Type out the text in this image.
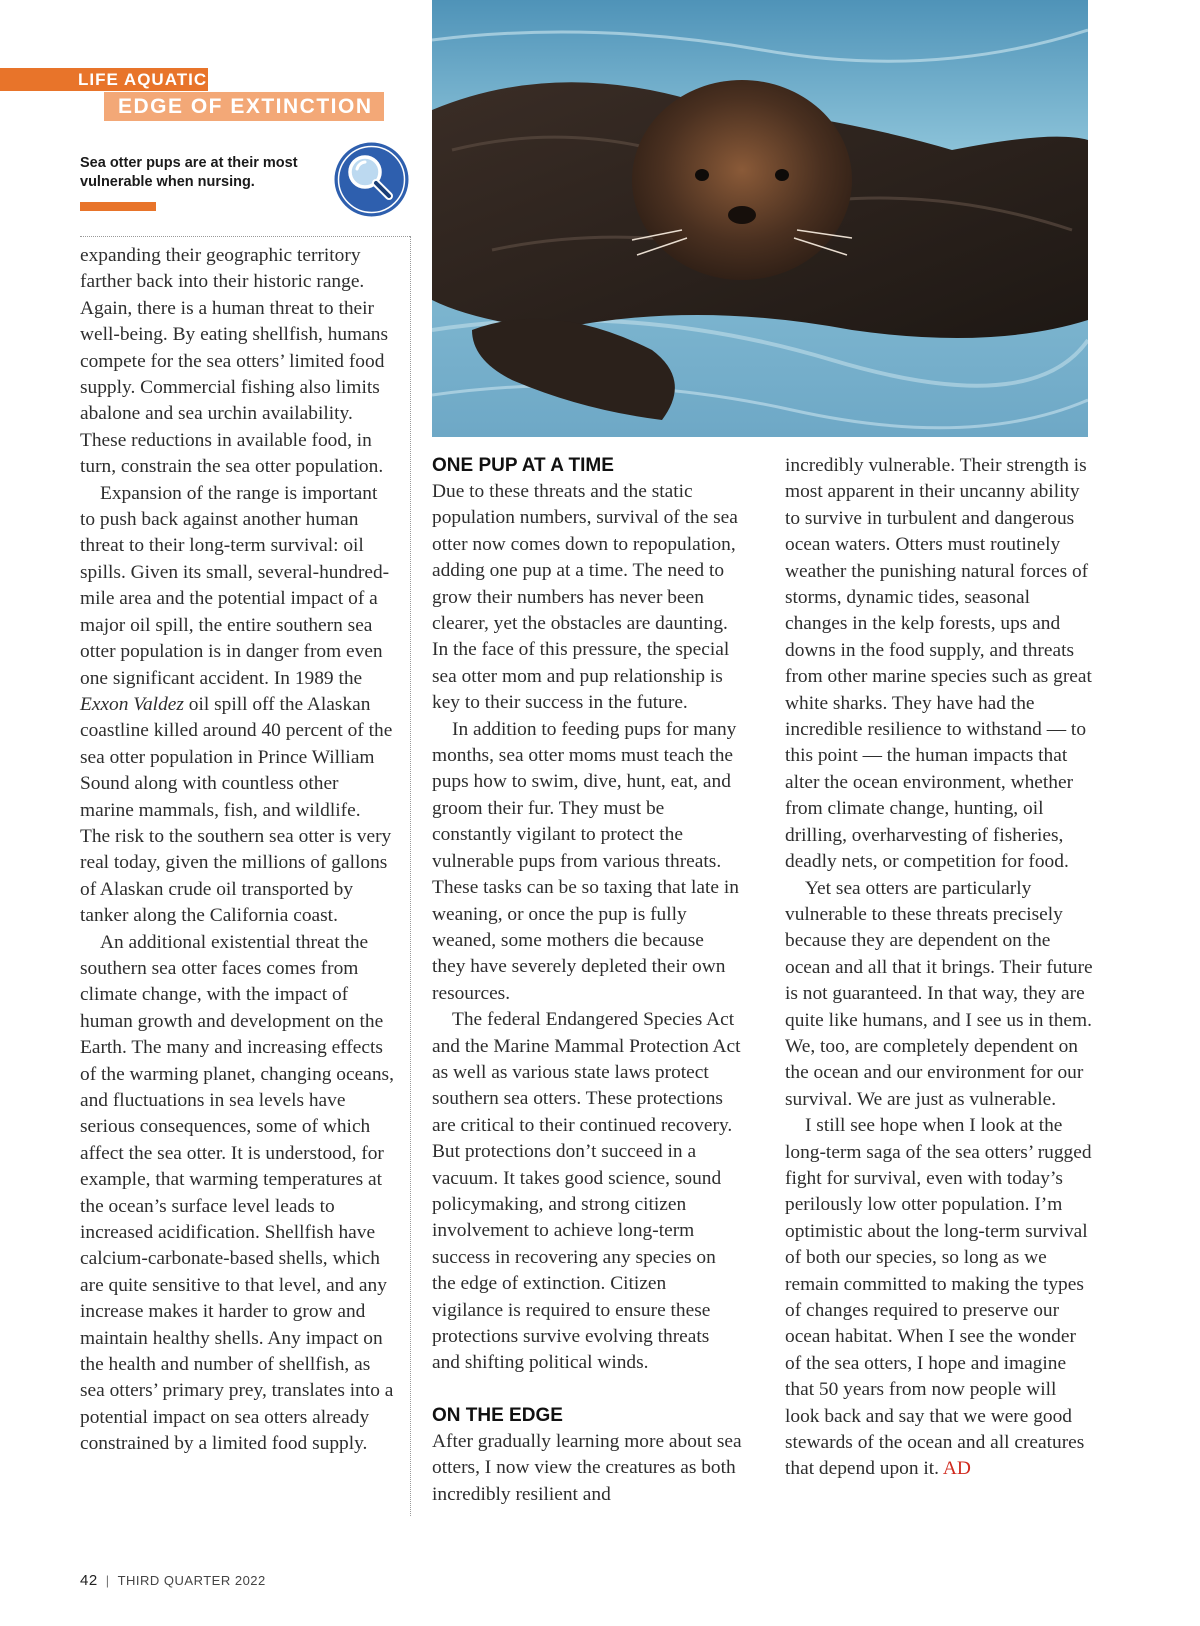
LIFE AQUATIC
EDGE OF EXTINCTION
Sea otter pups are at their most vulnerable when nursing.

expanding their geographic territory farther back into their historic range. Again, there is a human threat to their well-being. By eating shellfish, humans compete for the sea otters’ limited food supply. Commercial fishing also limits abalone and sea urchin availability. These reductions in available food, in turn, constrain the sea otter population.

Expansion of the range is important to push back against another human threat to their long-term survival: oil spills. Given its small, several-hundred-mile area and the potential impact of a major oil spill, the entire southern sea otter population is in danger from even one significant accident. In 1989 the Exxon Valdez oil spill off the Alaskan coastline killed around 40 percent of the sea otter population in Prince William Sound along with countless other marine mammals, fish, and wildlife. The risk to the southern sea otter is very real today, given the millions of gallons of Alaskan crude oil transported by tanker along the California coast.

An additional existential threat the southern sea otter faces comes from climate change, with the impact of human growth and development on the Earth. The many and increasing effects of the warming planet, changing oceans, and fluctuations in sea levels have serious consequences, some of which affect the sea otter. It is understood, for example, that warming temperatures at the ocean’s surface level leads to increased acidification. Shellfish have calcium-carbonate-based shells, which are quite sensitive to that level, and any increase makes it harder to grow and maintain healthy shells. Any impact on the health and number of shellfish, as sea otters’ primary prey, translates into a potential impact on sea otters already constrained by a limited food supply.

ONE PUP AT A TIME

Due to these threats and the static population numbers, survival of the sea otter now comes down to repopulation, adding one pup at a time. The need to grow their numbers has never been clearer, yet the obstacles are daunting. In the face of this pressure, the special sea otter mom and pup relationship is key to their success in the future.

In addition to feeding pups for many months, sea otter moms must teach the pups how to swim, dive, hunt, eat, and groom their fur. They must be constantly vigilant to protect the vulnerable pups from various threats. These tasks can be so taxing that late in weaning, or once the pup is fully weaned, some mothers die because they have severely depleted their own resources.

The federal Endangered Species Act and the Marine Mammal Protection Act as well as various state laws protect southern sea otters. These protections are critical to their continued recovery. But protections don’t succeed in a vacuum. It takes good science, sound policymaking, and strong citizen involvement to achieve long-term success in recovering any species on the edge of extinction. Citizen vigilance is required to ensure these protections survive evolving threats and shifting political winds.

ON THE EDGE

After gradually learning more about sea otters, I now view the creatures as both incredibly resilient and

incredibly vulnerable. Their strength is most apparent in their uncanny ability to survive in turbulent and dangerous ocean waters. Otters must routinely weather the punishing natural forces of storms, dynamic tides, seasonal changes in the kelp forests, ups and downs in the food supply, and threats from other marine species such as great white sharks. They have had the incredible resilience to withstand — to this point — the human impacts that alter the ocean environment, whether from climate change, hunting, oil drilling, overharvesting of fisheries, deadly nets, or competition for food.

Yet sea otters are particularly vulnerable to these threats precisely because they are dependent on the ocean and all that it brings. Their future is not guaranteed. In that way, they are quite like humans, and I see us in them. We, too, are completely dependent on the ocean and our environment for our survival. We are just as vulnerable.

I still see hope when I look at the long-term saga of the sea otters’ rugged fight for survival, even with today’s perilously low otter population. I’m optimistic about the long-term survival of both our species, so long as we remain committed to making the types of changes required to preserve our ocean habitat. When I see the wonder of the sea otters, I hope and imagine that 50 years from now people will look back and say that we were good stewards of the ocean and all creatures that depend upon it. AD

42 | THIRD QUARTER 2022
